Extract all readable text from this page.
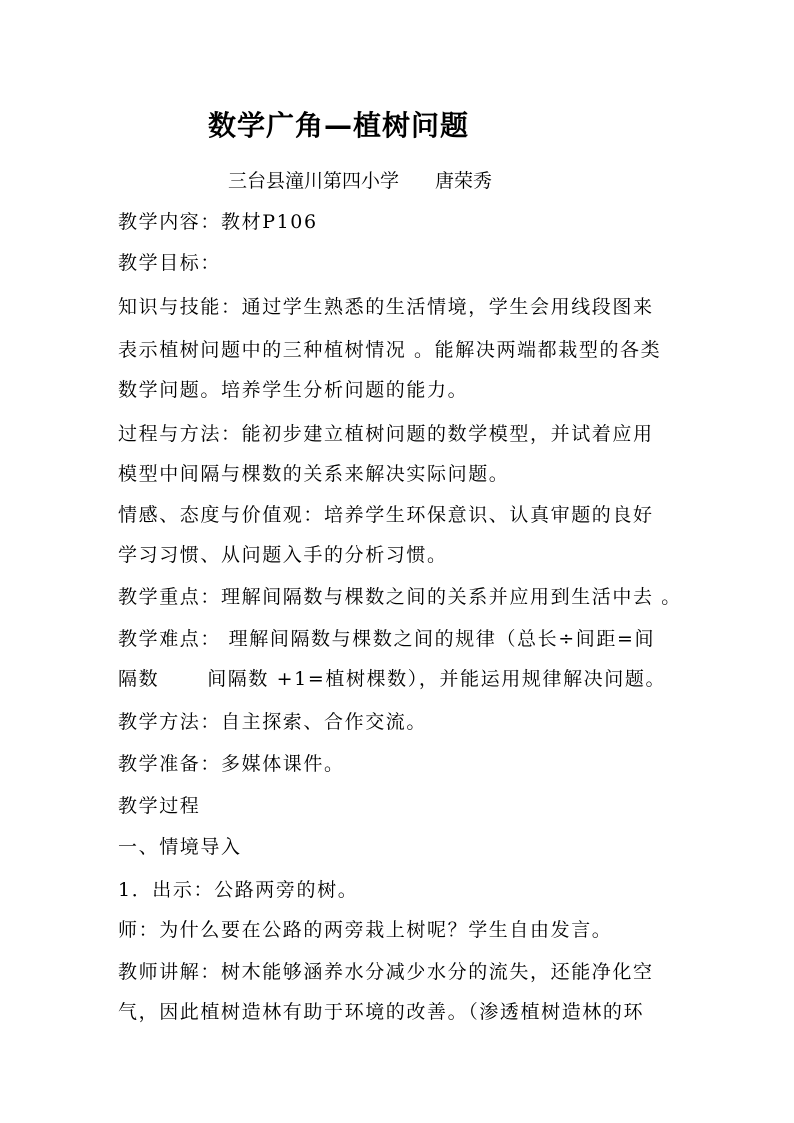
数学广角—植树问题
三台县潼川第四小学 唐荣秀
教学内容：教材P106
教学目标：
知识与技能：通过学生熟悉的生活情境，学生会用线段图来
表示植树问题中的三种植树情况 。能解决两端都栽型的各类
数学问题。培养学生分析问题的能力。
过程与方法：能初步建立植树问题的数学模型，并试着应用
模型中间隔与棵数的关系来解决实际问题。
情感、态度与价值观：培养学生环保意识、认真审题的良好
学习习惯、从问题入手的分析习惯。
教学重点：理解间隔数与棵数之间的关系并应用到生活中去 。
教学难点： 理解间隔数与棵数之间的规律（总长÷间距=间
隔数	间隔数 +1=植树棵数），并能运用规律解决问题。
教学方法：自主探索、合作交流。
教学准备：多媒体课件。
教学过程
一、情境导入
1．出示：公路两旁的树。
师：为什么要在公路的两旁栽上树呢？学生自由发言。
教师讲解：树木能够涵养水分减少水分的流失，还能净化空
气，因此植树造林有助于环境的改善。（渗透植树造林的环
